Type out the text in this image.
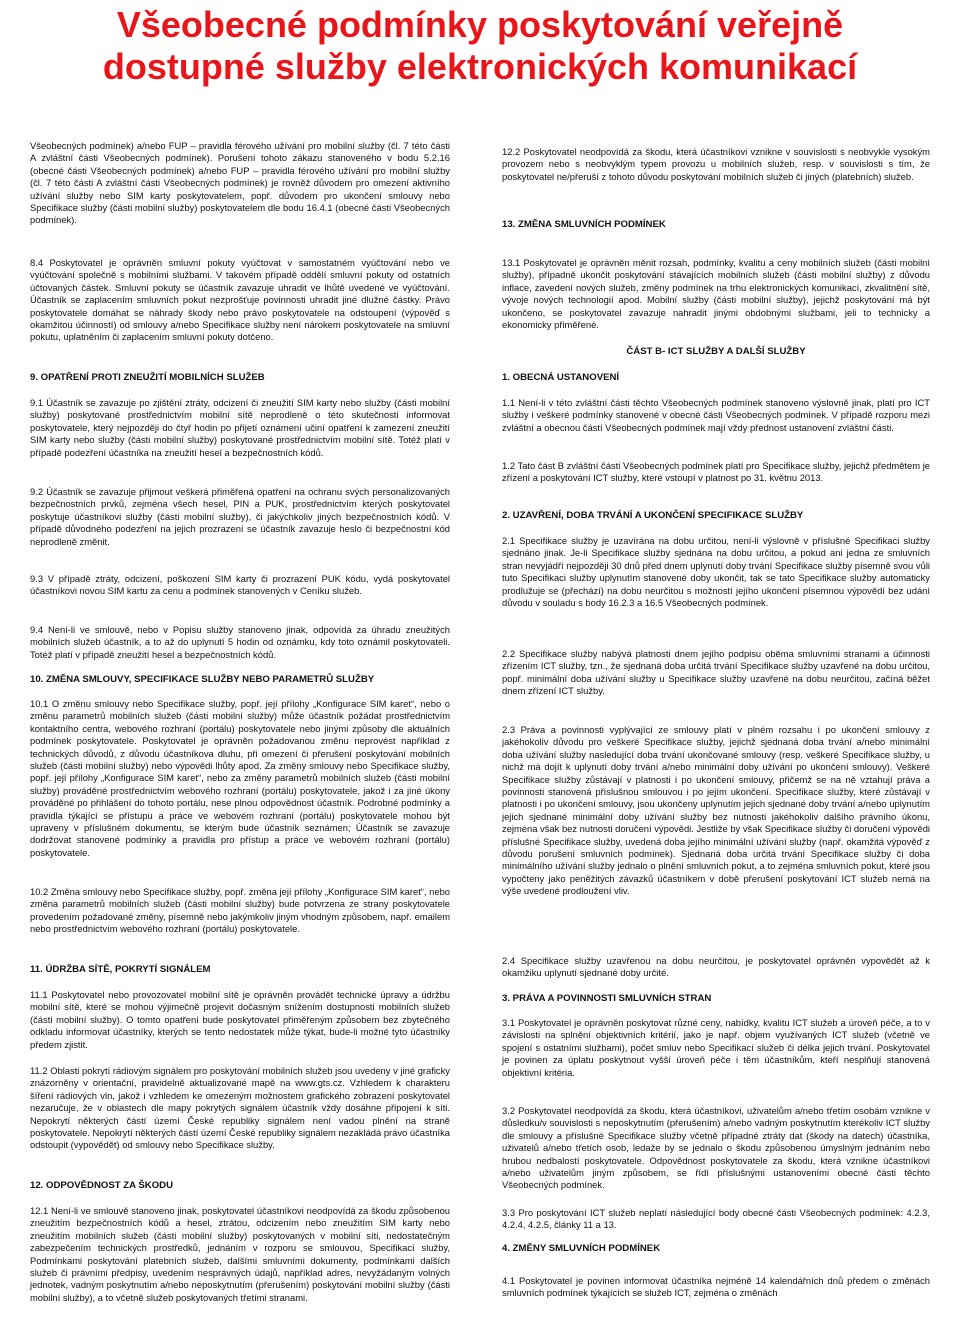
Všeobecné podmínky poskytování veřejně
dostupné služby elektronických komunikací

Všeobecných podmínek) a/nebo FUP – pravidla férového užívání pro mobilní služby (čl. 7 této části A zvláštní části Všeobecných podmínek). Porušení tohoto zákazu stanoveného v bodu 5.2.16 (obecné části Všeobecných podmínek) a/nebo FUP – pravidla férového užívání pro mobilní služby (čl. 7 této části A zvláštní části Všeobecných podmínek) je rovněž důvodem pro omezení aktivního užívání služby nebo SIM karty poskytovatelem, popř. důvodem pro ukončení smlouvy nebo Specifikace služby (části mobilní služby) poskytovatelem dle bodu 16.4.1 (obecné části Všeobecných podmínek).

8.4 Poskytovatel je oprávněn smluvní pokuty vyúčtovat v samostatném vyúčtování nebo ve vyúčtování společně s mobilními službami. V takovém případě oddělí smluvní pokuty od ostatních účtovaných částek. Smluvní pokuty se účastník zavazuje uhradit ve lhůtě uvedené ve vyúčtování. Účastník se zaplacením smluvních pokut nezprošťuje povinnosti uhradit jiné dlužné částky. Právo poskytovatele domáhat se náhrady škody nebo právo poskytovatele na odstoupení (výpověď s okamžitou účinností) od smlouvy a/nebo Specifikace služby není nárokem poskytovatele na smluvní pokutu, uplatněním či zaplacením smluvní pokuty dotčeno.

9. OPATŘENÍ PROTI ZNEUŽITÍ MOBILNÍCH SLUŽEB

9.1 Účastník se zavazuje po zjištění ztráty, odcizení či zneužití SIM karty nebo služby (části mobilní služby) poskytované prostřednictvím mobilní sítě neprodleně o této skutečnosti informovat poskytovatele, který nejpozději do čtyř hodin po přijetí oznámení učiní opatření k zamezení zneužití SIM karty nebo služby (části mobilní služby) poskytované prostřednictvím mobilní sítě. Totéž platí v případě podezření účastníka na zneužití hesel a bezpečnostních kódů.

9.2 Účastník se zavazuje přijmout veškerá přiměřená opatření na ochranu svých personalizovaných bezpečnostních prvků, zejména všech hesel, PIN a PUK, prostřednictvím kterých poskytovatel poskytuje účastníkovi služby (části mobilní služby), či jakýchkoliv jiných bezpečnostních kódů. V případě důvodného podezření na jejich prozrazení se účastník zavazuje heslo či bezpečnostní kód neprodleně změnit.

9.3 V případě ztráty, odcizení, poškození SIM karty či prozrazení PUK kódu, vydá poskytovatel účastníkovi novou SIM kartu za cenu a podmínek stanovených v Ceníku služeb.

9.4 Není-li ve smlouvě, nebo v Popisu služby stanoveno jinak, odpovídá za úhradu zneužitých mobilních služeb účastník, a to až do uplynutí 5 hodin od oznámku, kdy toto oznámil poskytovateli. Totéž platí v případě zneužití hesel a bezpečnostních kódů.

10. ZMĚNA SMLOUVY, SPECIFIKACE SLUŽBY NEBO PARAMETRŮ SLUŽBY

10.1 O změnu smlouvy nebo Specifikace služby, popř. její přílohy „Konfigurace SIM karet“, nebo o změnu parametrů mobilních služeb (části mobilní služby) může účastník požádat prostřednictvím kontaktního centra, webového rozhraní (portálu) poskytovatele nebo jinými způsoby dle aktuálních podmínek poskytovatele. Poskytovatel je oprávněn požadovanou změnu neprovést například z technických důvodů, z důvodu účastníkova dluhu, při omezení či přerušení poskytování mobilních služeb (části mobilní služby) nebo výpovědi lhůty apod. Za změny smlouvy nebo Specifikace služby, popř. její přílohy „Konfigurace SIM karet“, nebo za změny parametrů mobilních služeb (části mobilní služby) prováděné prostřednictvím webového rozhraní (portálu) poskytovatele, jakož i za jiné úkony prováděné po přihlášení do tohoto portálu, nese plnou odpovědnost účastník. Podrobné podmínky a pravidla týkající se přístupu a práce ve webovém rozhraní (portálu) poskytovatele mohou být upraveny v příslušném dokumentu, se kterým bude účastník seznámen; Účastník se zavazuje dodržovat stanovené podmínky a pravidla pro přístup a práce ve webovém rozhraní (portálu) poskytovatele.

10.2 Změna smlouvy nebo Specifikace služby, popř. změna její přílohy „Konfigurace SIM karet“, nebo změna parametrů mobilních služeb (části mobilní služby) bude potvrzena ze strany poskytovatele provedením požadované změny, písemně nebo jakýmkoliv jiným vhodným způsobem, např. emailem nebo prostřednictvím webového rozhraní (portálu) poskytovatele.

11. ÚDRŽBA SÍTĚ, POKRYTÍ SIGNÁLEM

11.1 Poskytovatel nebo provozovatel mobilní sítě je oprávněn provádět technické úpravy a údržbu mobilní sítě, které se mohou výjimečně projevit dočasným snížením dostupnosti mobilních služeb (části mobilní služby). O tomto opatření bude poskytovatel přiměřeným způsobem bez zbytečného odkladu informovat účastníky, kterých se tento nedostatek může týkat, bude-li možné tyto účastníky předem zjistit.

11.2 Oblasti pokrytí rádiovým signálem pro poskytování mobilních služeb jsou uvedeny v jiné graficky znázorněny v orientační, pravidelně aktualizované mapě na www.gts.cz. Vzhledem k charakteru šíření rádiových vln, jakož i vzhledem ke omezeným možnostem grafického zobrazení poskytovatel nezaručuje, že v oblastech dle mapy pokrytých signálem účastník vždy dosáhne připojení k síti. Nepokrytí některých částí území České republiky signálem není vadou plnění na straně poskytovatele. Nepokrytí některých částí území České republiky signálem nezakládá právo účastníka odstoupit (vypovědět) od smlouvy nebo Specifikace služby.

12. ODPOVĚDNOST ZA ŠKODU

12.1 Není-li ve smlouvě stanoveno jinak, poskytovatel účastníkovi neodpovídá za škodu způsobenou zneužitím bezpečnostních kódů a hesel, ztrátou, odcizením nebo zneužitím SIM karty nebo zneužitím mobilních služeb (části mobilní služby) poskytovaných v mobilní síti, nedostatečným zabezpečením technických prostředků, jednáním v rozporu se smlouvou, Specifikací služby, Podmínkami poskytování platebních služeb, dalšími smluvními dokumenty, podmínkami dalších služeb či právními předpisy, uvedením nesprávných údajů, například adres, nevyžádaným volných jednotek, vadným poskytnutím a/nebo neposkytnutím (přerušením) poskytování mobilní služby (části mobilní služby), a to včetně služeb poskytovaných třetími stranami.

12.2 Poskytovatel neodpovídá za škodu, která účastníkovi vznikne v souvislosti s neobvykle vysokým provozem nebo s neobvyklým typem provozu u mobilních služeb, resp. v souvislosti s tím, že poskytovatel ne/přeruší z tohoto důvodu poskytování mobilních služeb či jiných (platebních) služeb.

13. ZMĚNA SMLUVNÍCH PODMÍNEK

13.1 Poskytovatel je oprávněn měnit rozsah, podmínky, kvalitu a ceny mobilních služeb (části mobilní služby), případně ukončit poskytování stávajících mobilních služeb (části mobilní služby) z důvodu inflace, zavedení nových služeb, změny podmínek na trhu elektronických komunikací, zkvalitnění sítě, vývoje nových technologií apod. Mobilní služby (části mobilní služby), jejichž poskytování má být ukončeno, se poskytovatel zavazuje nahradit jinými obdobnými službami, jeli to technicky a ekonomicky přiměřené.

ČÁST B- ICT SLUŽBY A DALŠÍ SLUŽBY
1. OBECNÁ USTANOVENÍ

1.1 Není-li v této zvláštní části těchto Všeobecných podmínek stanoveno výslovně jinak, platí pro ICT služby i veškeré podmínky stanovené v obecné části Všeobecných podmínek. V případě rozporu mezi zvláštní a obecnou částí Všeobecných podmínek mají vždy přednost ustanovení zvláštní části.

1.2 Tato část B zvláštní části Všeobecných podmínek platí pro Specifikace služby, jejichž předmětem je zřízení a poskytování ICT služby, které vstoupí v platnost po 31. květnu 2013.

2. UZAVŘENÍ, DOBA TRVÁNÍ A UKONČENÍ SPECIFIKACE SLUŽBY

2.1 Specifikace služby je uzavírána na dobu určitou, není-li výslovně v příslušné Specifikaci služby sjednáno jinak. Je-li Specifikace služby sjednána na dobu určitou, a pokud ani jedna ze smluvních stran nevyjádří nejpozději 30 dnů před dnem uplynutí doby trvání Specifikace služby písemně svou vůli tuto Specifikaci služby uplynutím stanovené doby ukončit, tak se tato Specifikace služby automaticky prodlužuje se (přechází) na dobu neurčitou s možností jejího ukončení písemnou výpovědí bez udání důvodu v souladu s body 16.2.3 a 16.5 Všeobecných podmínek.

2.2 Specifikace služby nabývá platnosti dnem jejího podpisu oběma smluvními stranami a účinnosti zřízením ICT služby, tzn., že sjednaná doba určitá trvání Specifikace služby uzavřené na dobu určitou, popř. minimální doba užívání služby u Specifikace služby uzavřené na dobu neurčitou, začíná běžet dnem zřízení ICT služby.

2.3 Práva a povinnosti vyplývající ze smlouvy platí v plném rozsahu i po ukončení smlouvy z jakéhokoliv důvodu pro veškeré Specifikace služby, jejichž sjednaná doba trvání a/nebo minimální doba užívání služby nasledující doba trvání ukončované smlouvy (resp. veškeré Specifikace služby, u nichž má dojít k uplynutí doby trvání a/nebo minimální doby užívání po ukončení smlouvy). Veškeré Specifikace služby zůstávají v platnosti i po ukončení smlouvy, přičemž se na ně vztahují práva a povinnosti stanovená příslušnou smlouvou i po jejím ukončení. Specifikace služby, které zůstávají v platnosti i po ukončení smlouvy, jsou ukončeny uplynutím jejich sjednané doby trvání a/nebo uplynutím jejich sjednané minimální doby užívání služby bez nutnosti jakéhokoliv dalšího právního úkonu, zejména však bez nutnosti doručení výpovědi. Jestliže by však Specifikace služby či doručení výpovědi příslušné Specifikace služby, uvedená doba jejího minimální užívání služby (např. okamžitá výpověď z důvodu porušení smluvních podmínek). Sjednaná doba určitá trvání Specifikace služby či doba minimálního užívání služby jednalo o plnění smluvních pokut, a to zejména smluvních pokut, které jsou vypočteny jako peněžitých závazků účastníkem v době přerušení poskytování ICT služeb nemá na výše uvedené prodloužení vliv.

2.4 Specifikace služby uzavřenou na dobu neurčitou, je poskytovatel oprávněn vypovědět až k okamžiku uplynutí sjednané doby určité.

3. PRÁVA A POVINNOSTI SMLUVNÍCH STRAN

3.1 Poskytovatel je oprávněn poskytovat různé ceny, nabídky, kvalitu ICT služeb a úroveň péče, a to v závislosti na splnění objektivních kritérií, jako je např. objem využívaných ICT služeb (včetně ve spojení s ostatními službami), počet smluv nebo Specifikací služeb či délka jejich trvání. Poskytovatel je povinen za úplatu poskytnout vyšší úroveň péče i těm účastníkům, kteří nesplňují stanovená objektivní kritéria.

3.2 Poskytovatel neodpovídá za škodu, která účastníkovi, uživatelům a/nebo třetím osobám vznikne v důsledku/v souvislosti s neposkytnutím (přerušením) a/nebo vadným poskytnutím kterékoliv ICT služby dle smlouvy a příslušné Specifikace služby včetně případné ztráty dat (škody na datech) účastníka, uživatelů a/nebo třetích osob, ledaže by se jednalo o škodu způsobenou úmyslným jednáním nebo hrubou nedbalostí poskytovatele. Odpovědnost poskytovatele za škodu, která vznikne účastníkovi a/nebo uživatelům jiným způsobem, se řídí příslušnými ustanoveními obecné části těchto Všeobecných podmínek.

3.3 Pro poskytování ICT služeb neplatí následující body obecné části Všeobecných podmínek: 4.2.3, 4.2.4, 4.2.5, články 11 a 13.

4. ZMĚNY SMLUVNÍCH PODMÍNEK

4.1 Poskytovatel je povinen informovat účastníka nejméně 14 kalendářních dnů předem o změnách smluvních podmínek týkajících se služeb ICT, zejména o změnách
